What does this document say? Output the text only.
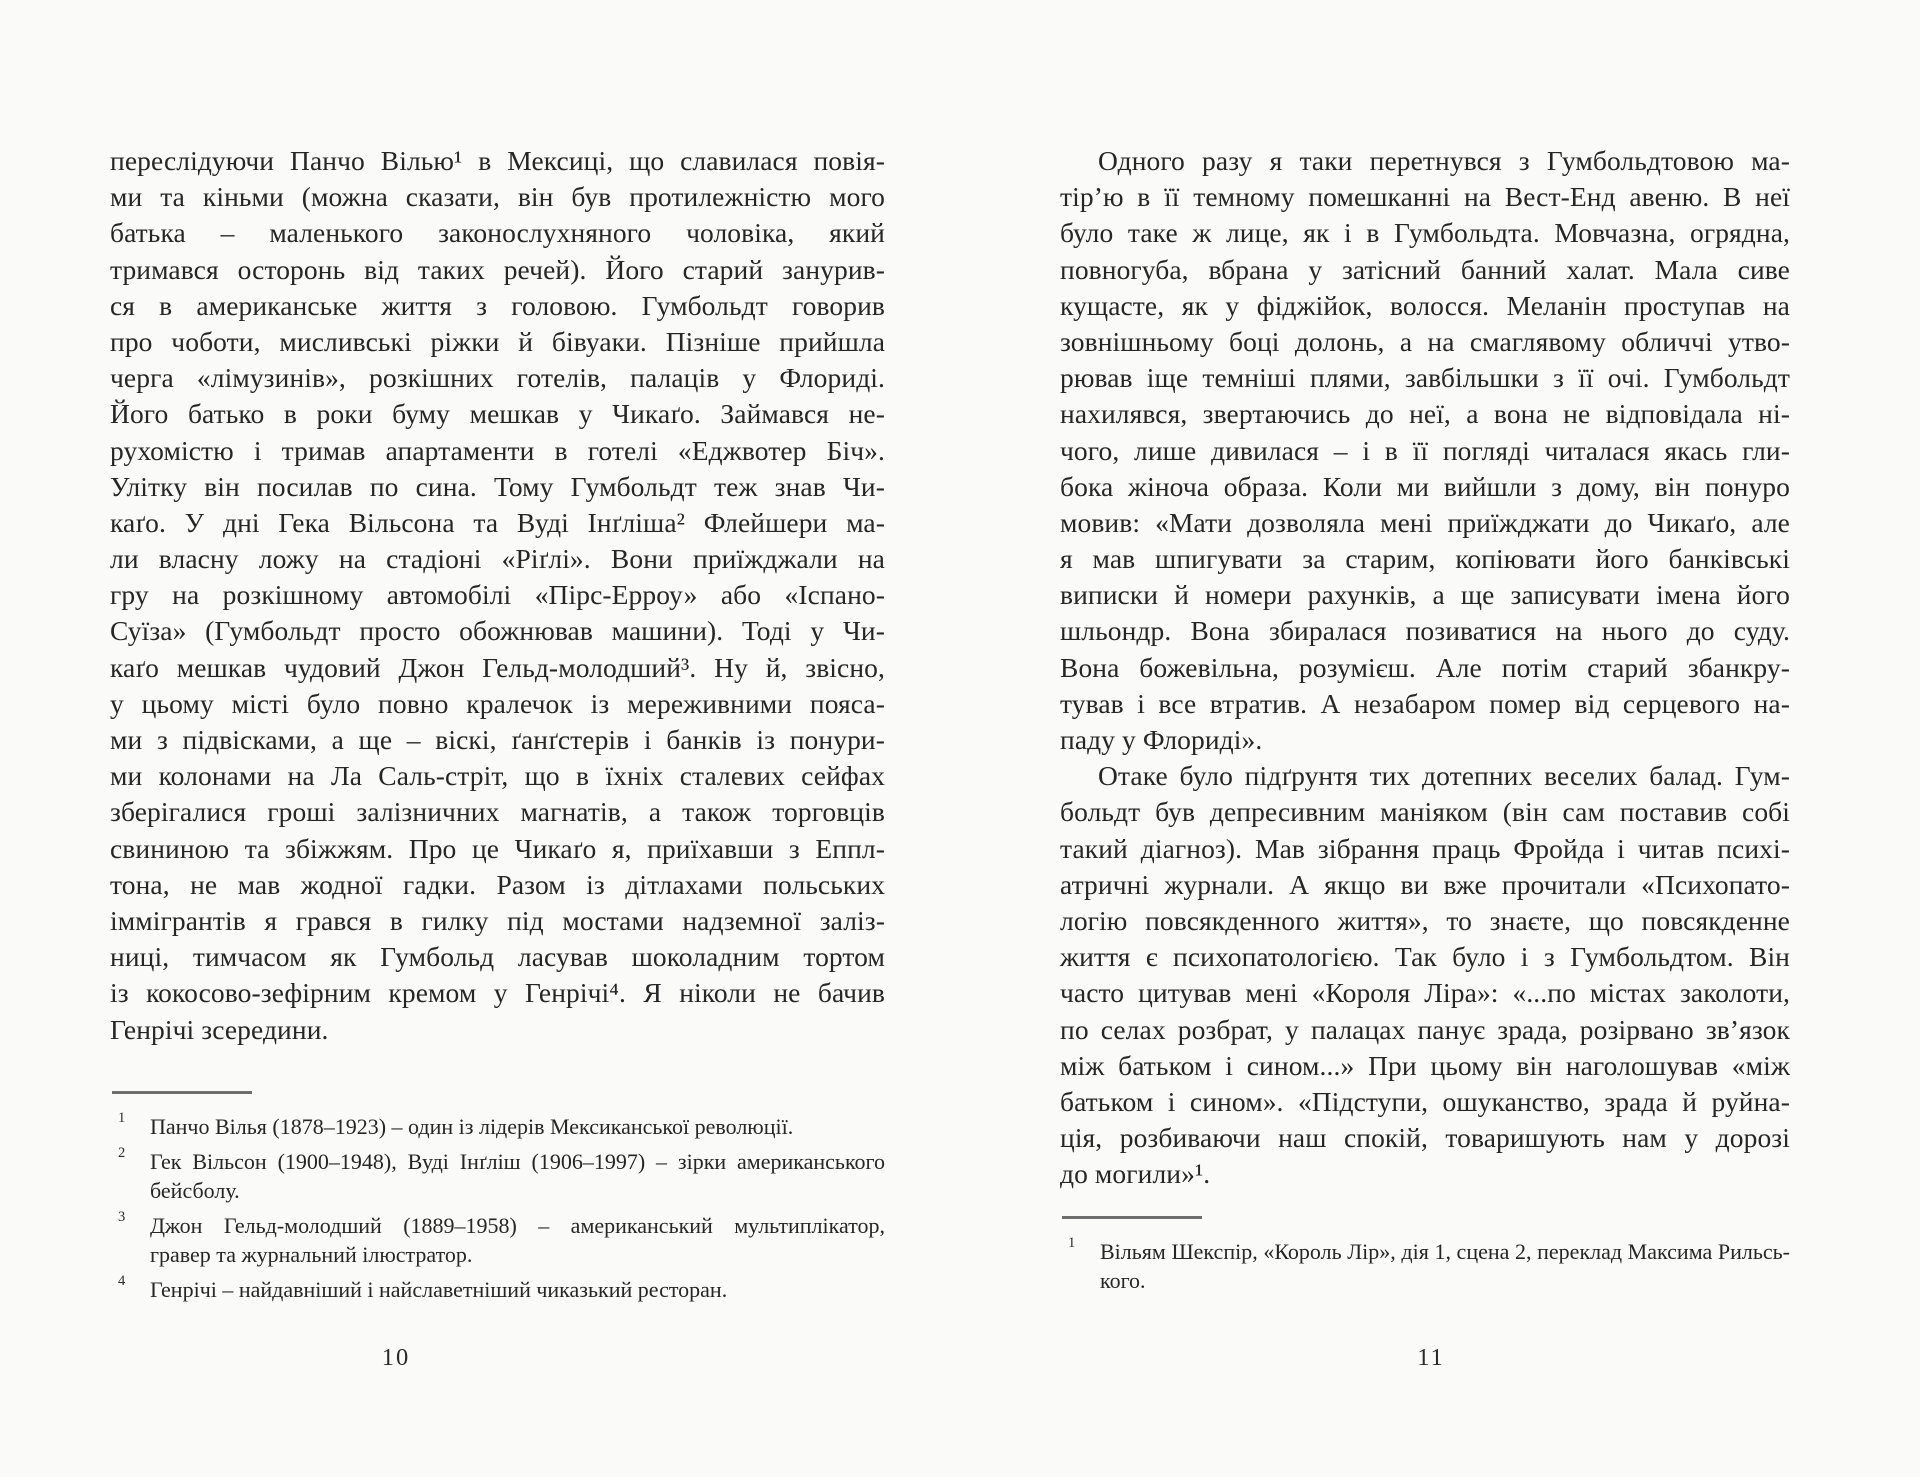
переслідуючи Панчо Вілью¹ в Мексиці, що славилася повія-
ми та кіньми (можна сказати, він був протилежністю мого
батька – маленького законослухняного чоловіка, який
тримався осторонь від таких речей). Його старий занурив-
ся в американське життя з головою. Гумбольдт говорив
про чоботи, мисливські ріжки й бівуаки. Пізніше прийшла
черга «лімузинів», розкішних готелів, палаців у Флориді.
Його батько в роки буму мешкав у Чикаґо. Займався не-
рухомістю і тримав апартаменти в готелі «Еджвотер Біч».
Улітку він посилав по сина. Тому Гумбольдт теж знав Чи-
каґо. У дні Гека Вільсона та Вуді Інґліша² Флейшери ма-
ли власну ложу на стадіоні «Ріґлі». Вони приїжджали на
гру на розкішному автомобілі «Пірс-Ерроу» або «Іспано-
Суїза» (Гумбольдт просто обожнював машини). Тоді у Чи-
каґо мешкав чудовий Джон Гельд-молодший³. Ну й, звісно,
у цьому місті було повно кралечок із мереживними пояса-
ми з підвісками, а ще – віскі, ґанґстерів і банків із понури-
ми колонами на Ла Саль-стріт, що в їхніх сталевих сейфах
зберігалися гроші залізничних магнатів, а також торговців
свининою та збіжжям. Про це Чикаґо я, приїхавши з Еппл-
тона, не мав жодної гадки. Разом із дітлахами польських
іммігрантів я грався в гилку під мостами надземної заліз-
ниці, тимчасом як Гумбольд ласував шоколадним тортом
із кокосово-зефірним кремом у Генрічі⁴. Я ніколи не бачив
Генрічі зсередини.
1 Панчо Вілья (1878–1923) – один із лідерів Мексиканської революції.
2 Гек Вільсон (1900–1948), Вуді Інґліш (1906–1997) – зірки американського
бейсболу.
3 Джон Гельд-молодший (1889–1958) – американський мультиплікатор,
гравер та журнальний ілюстратор.
4 Генрічі – найдавніший і найславетніший чиказький ресторан.
10
Одного разу я таки перетнувся з Гумбольдтовою ма-
тір’ю в її темному помешканні на Вест-Енд авеню. В неї
було таке ж лице, як і в Гумбольдта. Мовчазна, огрядна,
повногуба, вбрана у затісний банний халат. Мала сиве
кущасте, як у фіджійок, волосся. Меланін проступав на
зовнішньому боці долонь, а на смаглявому обличчі утво-
рював іще темніші плями, завбільшки з її очі. Гумбольдт
нахилявся, звертаючись до неї, а вона не відповідала ні-
чого, лише дивилася – і в її погляді читалася якась гли-
бока жіноча образа. Коли ми вийшли з дому, він понуро
мовив: «Мати дозволяла мені приїжджати до Чикаґо, але
я мав шпигувати за старим, копіювати його банківські
виписки й номери рахунків, а ще записувати імена його
шльондр. Вона збиралася позиватися на нього до суду.
Вона божевільна, розумієш. Але потім старий збанкру-
тував і все втратив. А незабаром помер від серцевого на-
паду у Флориді».
Отаке було підґрунтя тих дотепних веселих балад. Гум-
больдт був депресивним маніяком (він сам поставив собі
такий діагноз). Мав зібрання праць Фройда і читав психі-
атричні журнали. А якщо ви вже прочитали «Психопато-
логію повсякденного життя», то знаєте, що повсякденне
життя є психопатологією. Так було і з Гумбольдтом. Він
часто цитував мені «Короля Ліра»: «...по містах заколоти,
по селах розбрат, у палацах панує зрада, розірвано зв’язок
між батьком і сином...» При цьому він наголошував «між
батьком і сином». «Підступи, ошуканство, зрада й руйна-
ція, розбиваючи наш спокій, товаришують нам у дорозі
до могили»¹.
1 Вільям Шекспір, «Король Лір», дія 1, сцена 2, переклад Максима Рильсь-
кого.
11
